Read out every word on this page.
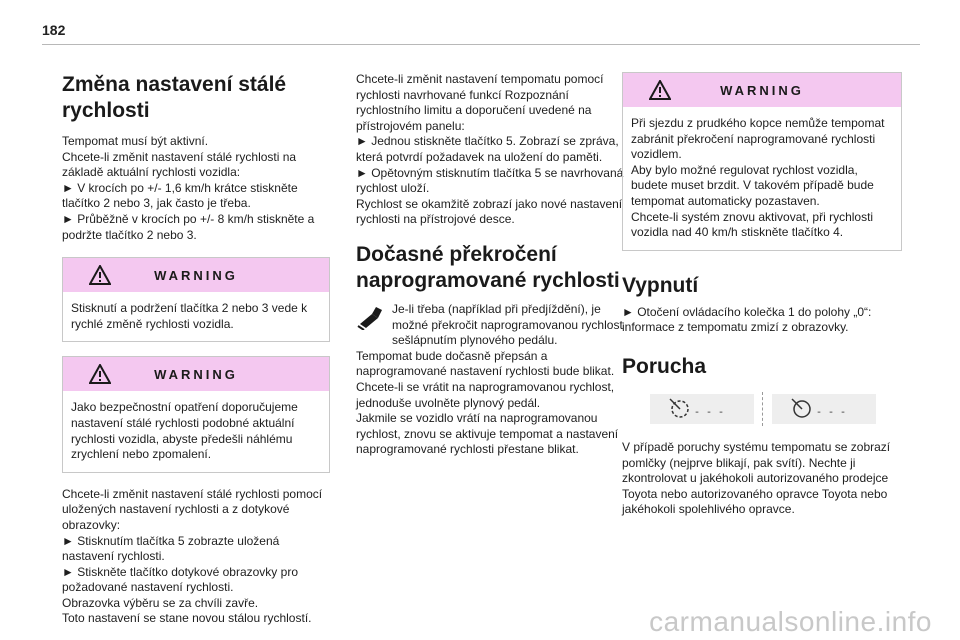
182
Změna nastavení stálé rychlosti
Tempomat musí být aktivní.
Chcete-li změnit nastavení stálé rychlosti na základě aktuální rychlosti vozidla:
► V krocích po +/- 1,6 km/h krátce stiskněte tlačítko 2 nebo 3, jak často je třeba.
► Průběžně v krocích po +/- 8 km/h stiskněte a podržte tlačítko 2 nebo 3.
WARNING
Stisknutí a podržení tlačítka 2 nebo 3 vede k rychlé změně rychlosti vozidla.
WARNING
Jako bezpečnostní opatření doporučujeme nastavení stálé rychlosti podobné aktuální rychlosti vozidla, abyste předešli náhlému zrychlení nebo zpomalení.
Chcete-li změnit nastavení stálé rychlosti pomocí uložených nastavení rychlosti a z dotykové obrazovky:
► Stisknutím tlačítka 5 zobrazte uložená nastavení rychlosti.
► Stiskněte tlačítko dotykové obrazovky pro požadované nastavení rychlosti.
Obrazovka výběru se za chvíli zavře.
Toto nastavení se stane novou stálou rychlostí.
Chcete-li změnit nastavení tempomatu pomocí rychlosti navrhované funkcí Rozpoznání rychlostního limitu a doporučení uvedené na přístrojovém panelu:
► Jednou stiskněte tlačítko 5. Zobrazí se zpráva, která potvrdí požadavek na uložení do paměti.
► Opětovným stisknutím tlačítka 5 se navrhovaná rychlost uloží.
Rychlost se okamžitě zobrazí jako nové nastavení rychlosti na přístrojové desce.
Dočasné překročení naprogramované rychlosti
Je-li třeba (například při předjíždění), je možné překročit naprogramovanou rychlost sešlápnutím plynového pedálu.
Tempomat bude dočasně přepsán a naprogramované nastavení rychlosti bude blikat.
Chcete-li se vrátit na naprogramovanou rychlost, jednoduše uvolněte plynový pedál.
Jakmile se vozidlo vrátí na naprogramovanou rychlost, znovu se aktivuje tempomat a nastavení naprogramované rychlosti přestane blikat.
WARNING
Při sjezdu z prudkého kopce nemůže tempomat zabránit překročení naprogramované rychlosti vozidlem.
Aby bylo možné regulovat rychlost vozidla, budete muset brzdit. V takovém případě bude tempomat automaticky pozastaven.
Chcete-li systém znovu aktivovat, při rychlosti vozidla nad 40 km/h stiskněte tlačítko 4.
Vypnutí
► Otočení ovládacího kolečka 1 do polohy „0“: informace z tempomatu zmizí z obrazovky.
Porucha
- - -	- - -
V případě poruchy systému tempomatu se zobrazí pomlčky (nejprve blikají, pak svítí). Nechte ji zkontrolovat u jakéhokoli autorizovaného prodejce Toyota nebo autorizovaného opravce Toyota nebo jakéhokoli spolehlivého opravce.
carmanualsonline.info
